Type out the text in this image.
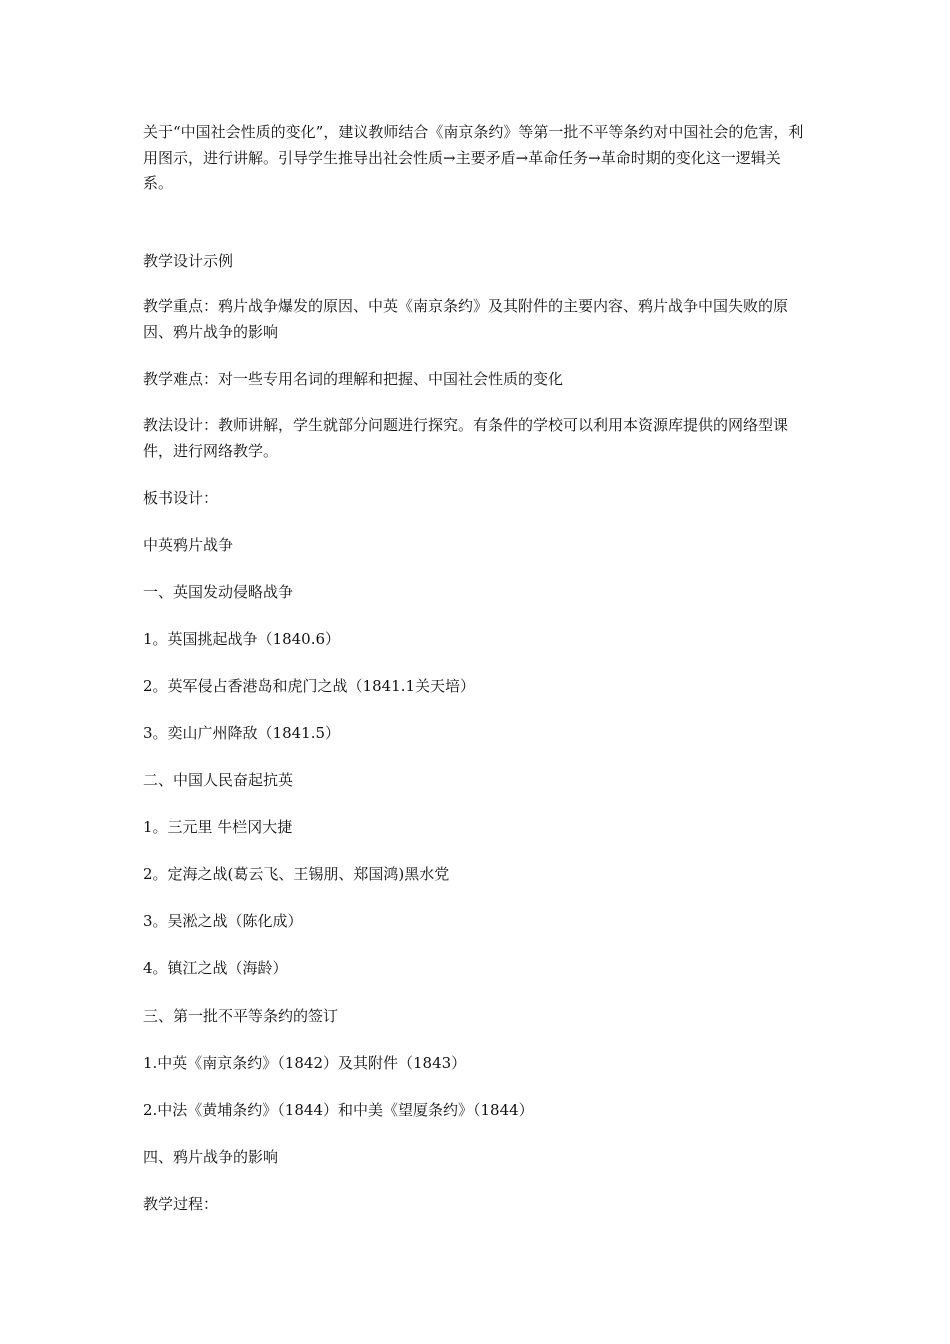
关于“中国社会性质的变化”，建议教师结合《南京条约》等第一批不平等条约对中国社会的危害，利用图示，进行讲解。引导学生推导出社会性质→主要矛盾→革命任务→革命时期的变化这一逻辑关系。

教学设计示例

教学重点：鸦片战争爆发的原因、中英《南京条约》及其附件的主要内容、鸦片战争中国失败的原因、鸦片战争的影响

教学难点：对一些专用名词的理解和把握、中国社会性质的变化

教法设计：教师讲解，学生就部分问题进行探究。有条件的学校可以利用本资源库提供的网络型课件，进行网络教学。

板书设计：

中英鸦片战争

一、英国发动侵略战争

1。英国挑起战争（1840.6）

2。英军侵占香港岛和虎门之战（1841.1关天培）

3。奕山广州降敌（1841.5）

二、中国人民奋起抗英

1。三元里 牛栏冈大捷

2。定海之战(葛云飞、王锡朋、郑国鸿)黑水党

3。吴淞之战（陈化成）

4。镇江之战（海龄）

三、第一批不平等条约的签订

1.中英《南京条约》（1842）及其附件（1843）

2.中法《黄埔条约》（1844）和中美《望厦条约》（1844）

四、鸦片战争的影响

教学过程：
